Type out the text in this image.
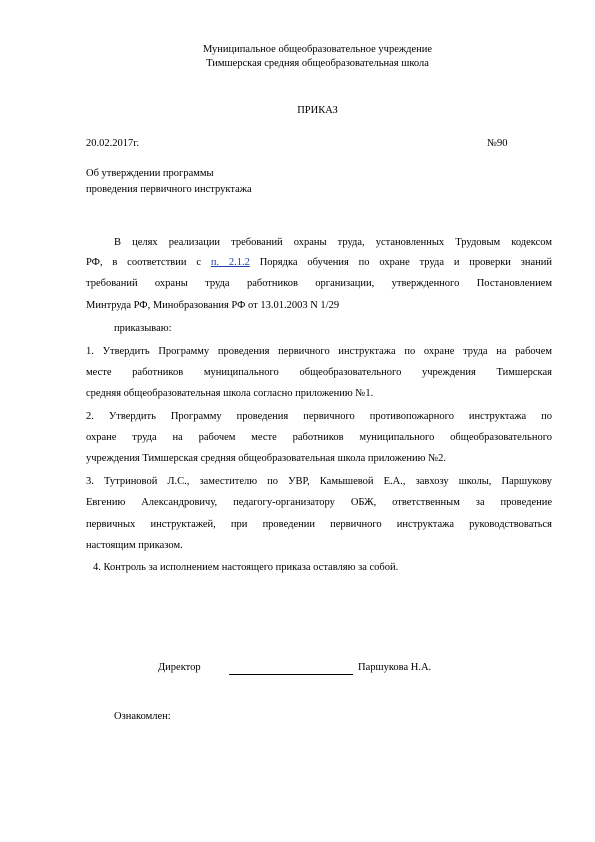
Муниципальное общеобразовательное учреждение
Тимшерская средняя общеобразовательная школа
ПРИКАЗ
20.02.2017г.	№90
Об утверждении программы
проведения первичного инструктажа
В целях реализации требований охраны труда, установленных Трудовым кодексом
РФ, в соответствии с п. 2.1.2 Порядка обучения по охране труда и проверки знаний
требований охраны труда работников организации, утвержденного Постановлением
Минтруда РФ, Минобразования РФ от 13.01.2003 N 1/29
приказываю:
1. Утвердить Программу проведения первичного инструктажа по охране труда на рабочем
месте работников муниципального общеобразовательного учреждения Тимшерская
средняя общеобразовательная школа согласно приложению №1.
2. Утвердить Программу проведения первичного противопожарного инструктажа по
охране труда на рабочем месте работников муниципального общеобразовательного
учреждения Тимшерская средняя общеобразовательная школа приложению №2.
3. Тутриновой Л.С., заместителю по УВР, Камышевой Е.А., завхозу школы, Паршукову
Евгению Александровичу, педагогу-организатору ОБЖ, ответственным за проведение
первичных инструктажей, при проведении первичного инструктажа руководствоваться
настоящим приказом.
4. Контроль за исполнением настоящего приказа оставляю за собой.
Директор	Паршукова Н.А.
Ознакомлен:
